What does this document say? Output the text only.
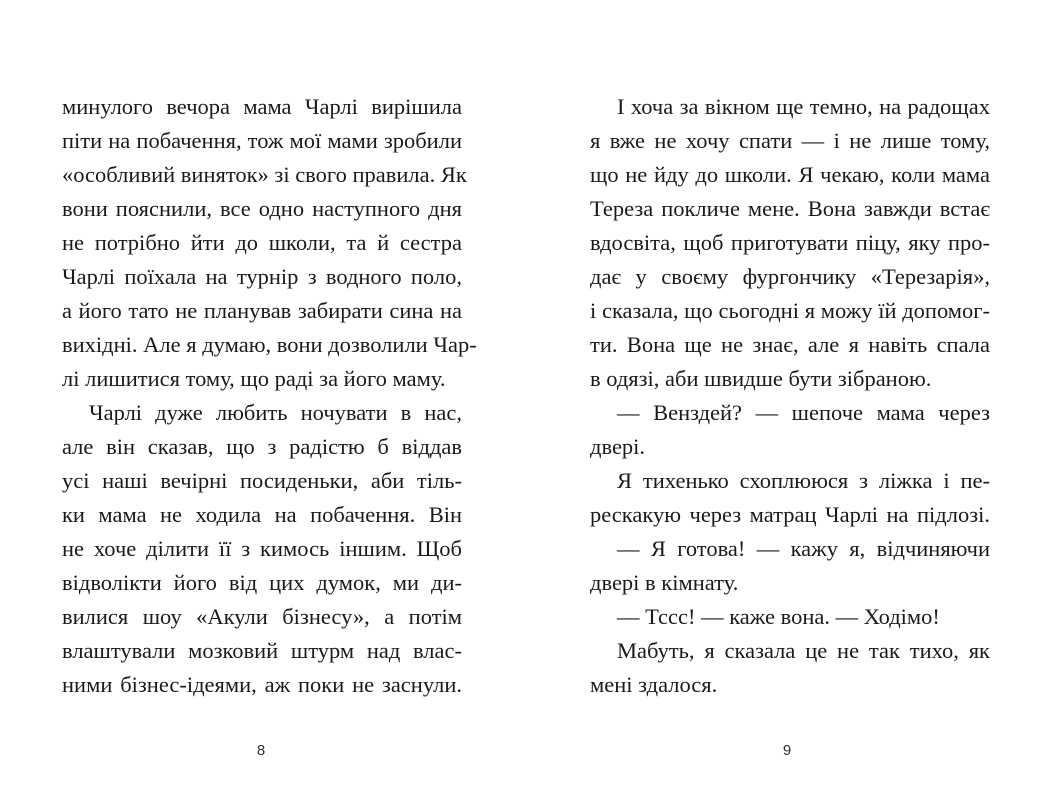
минулого вечора мама Чарлі вирішила
піти на побачення, тож мої мами зробили
«особливий виняток» зі свого правила. Як
вони пояснили, все одно наступного дня
не потрібно йти до школи, та й сестра
Чарлі поїхала на турнір з водного поло,
а його тато не планував забирати сина на
вихідні. Але я думаю, вони дозволили Чар-
лі лишитися тому, що раді за його маму.
Чарлі дуже любить ночувати в нас,
але він сказав, що з радістю б віддав
усі наші вечірні посиденьки, аби тіль-
ки мама не ходила на побачення. Він
не хоче ділити її з кимось іншим. Щоб
відволікти його від цих думок, ми ди-
вилися шоу «Акули бізнесу», а потім
влаштували мозковий штурм над влас-
ними бізнес-ідеями, аж поки не заснули.
І хоча за вікном ще темно, на радощах
я вже не хочу спати — і не лише тому,
що не йду до школи. Я чекаю, коли мама
Тереза покличе мене. Вона завжди встає
вдосвіта, щоб приготувати піцу, яку про-
дає у своєму фургончику «Терезарія»,
і сказала, що сьогодні я можу їй допомог-
ти. Вона ще не знає, але я навіть спала
в одязі, аби швидше бути зібраною.
— Венздей? — шепоче мама через
двері.
Я тихенько схоплююся з ліжка і пе-
рескакую через матрац Чарлі на підлозі.
— Я готова! — кажу я, відчиняючи
двері в кімнату.
— Тссс! — каже вона. — Ходімо!
Мабуть, я сказала це не так тихо, як
мені здалося.
8	9
